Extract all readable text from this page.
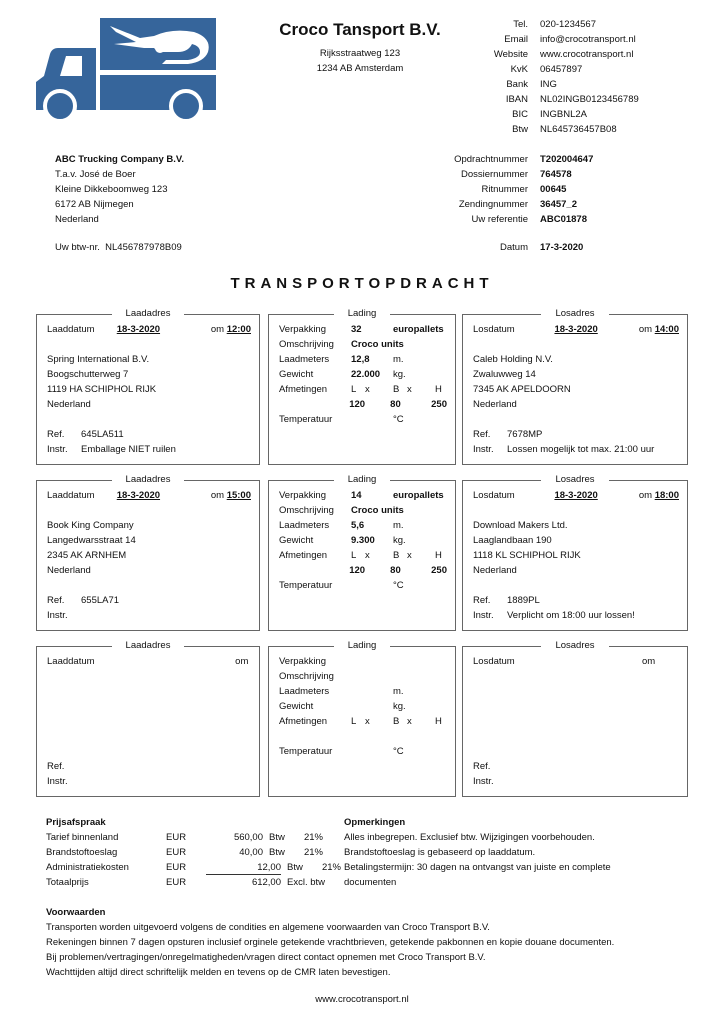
Croco Tansport B.V.
Rijksstraatweg 123
1234 AB Amsterdam
Tel.	020-1234567
Email	info@crocotransport.nl
Website	www.crocotransport.nl
KvK	06457897
Bank	ING
IBAN	NL02INGB0123456789
BIC	INGBNL2A
Btw	NL645736457B08
ABC Trucking Company B.V.
T.a.v. José de Boer
Kleine Dikkeboomweg 123
6172 AB Nijmegen
Nederland
Uw btw-nr. NL456787978B09
Opdrachtnummer	T202004647
Dossiernummer	764578
Ritnummer	00645
Zendingnummer	36457_2
Uw referentie	ABC01878
Datum	17-3-2020
TRANSPORTOPDRACHT
Laadadres
Laaddatum	18-3-2020	om
12:00
Spring International B.V.
Boogschutterweg 7
1119 HA SCHIPHOL RIJK
Nederland
Ref.	645LA511
Instr.	Emballage NIET ruilen
Lading
Verpakking	32	europallets
Omschrijving	Croco units
Laadmeters	12,8	m.
Gewicht	22.000	kg.
Afmetingen	L x	B x	H
120	80	250
Temperatuur	°C
Losadres
Losdatum	18-3-2020	om
14:00
Caleb Holding N.V.
Zwaluwweg 14
7345 AK APELDOORN
Nederland
Ref.	7678MP
Instr.	Lossen mogelijk tot max. 21:00 uur
Laadadres
Laaddatum	18-3-2020	om
15:00
Book King Company
Langedwarsstraat 14
2345 AK ARNHEM
Nederland
Ref.	655LA71
Instr.
Lading
Verpakking	14	europallets
Omschrijving	Croco units
Laadmeters	5,6	m.
Gewicht	9.300	kg.
Afmetingen	L x	B x	H
120	80	250
Temperatuur	°C
Losadres
Losdatum	18-3-2020	om
18:00
Download Makers Ltd.
Laaglandbaan 190
1118 KL SCHIPHOL RIJK
Nederland
Ref.	1889PL
Instr.	Verplicht om 18:00 uur lossen!
Laadadres
Laaddatum	om

Ref.
Instr.
Lading
Verpakking
Omschrijving
Laadmeters	m.
Gewicht	kg.
Afmetingen	L x	B x	H
Temperatuur	°C
Losadres
Losdatum	om

Ref.
Instr.
Prijsafspraak
Tarief binnenland	EUR	560,00 Btw	21%
Brandstoftoeslag	EUR	40,00 Btw	21%
Administratiekosten	EUR	12,00 Btw	21%
Totaalprijs	EUR	612,00 Excl. btw
Opmerkingen
Alles inbegrepen. Exclusief btw. Wijzigingen voorbehouden.
Brandstoftoeslag is gebaseerd op laaddatum.
Betalingstermijn: 30 dagen na ontvangst van juiste en complete
documenten
Voorwaarden
Transporten worden uitgevoerd volgens de condities en algemene voorwaarden van Croco Transport B.V.
Rekeningen binnen 7 dagen opsturen inclusief orginele getekende vrachtbrieven, getekende pakbonnen en kopie douane documenten.
Bij problemen/vertragingen/onregelmatigheden/vragen direct contact opnemen met Croco Transport B.V.
Wachttijden altijd direct schriftelijk melden en tevens op de CMR laten bevestigen.
www.crocotransport.nl
